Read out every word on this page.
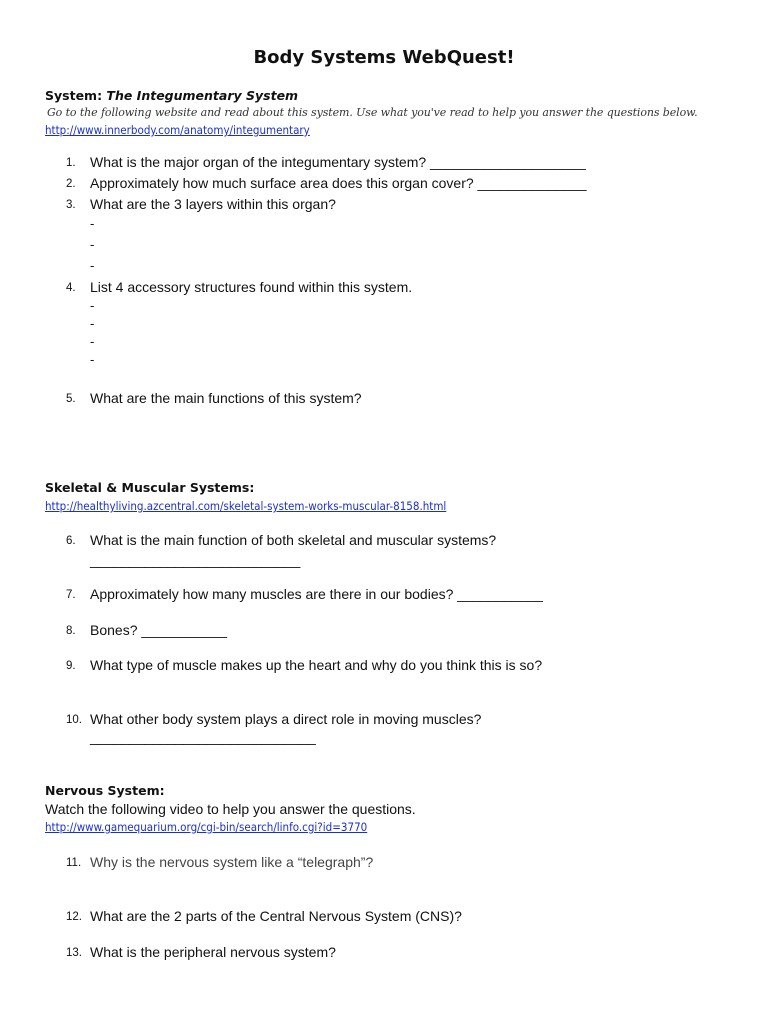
Body Systems WebQuest!
System: The Integumentary System
Go to the following website and read about this system. Use what you've read to help you answer the questions below.
http://www.innerbody.com/anatomy/integumentary
1. What is the major organ of the integumentary system? ____________________
2. Approximately how much surface area does this organ cover? ______________
3. What are the 3 layers within this organ?
-
-
-
4. List 4 accessory structures found within this system.
-
-
-
-
5. What are the main functions of this system?
Skeletal & Muscular Systems:
http://healthyliving.azcentral.com/skeletal-system-works-muscular-8158.html
6. What is the main function of both skeletal and muscular systems?
___________________________
7. Approximately how many muscles are there in our bodies? ___________
8. Bones? ___________
9. What type of muscle makes up the heart and why do you think this is so?
10. What other body system plays a direct role in moving muscles?
_____________________________
Nervous System:
Watch the following video to help you answer the questions.
http://www.gamequarium.org/cgi-bin/search/linfo.cgi?id=3770
11. Why is the nervous system like a “telegraph”?
12. What are the 2 parts of the Central Nervous System (CNS)?
13. What is the peripheral nervous system?
